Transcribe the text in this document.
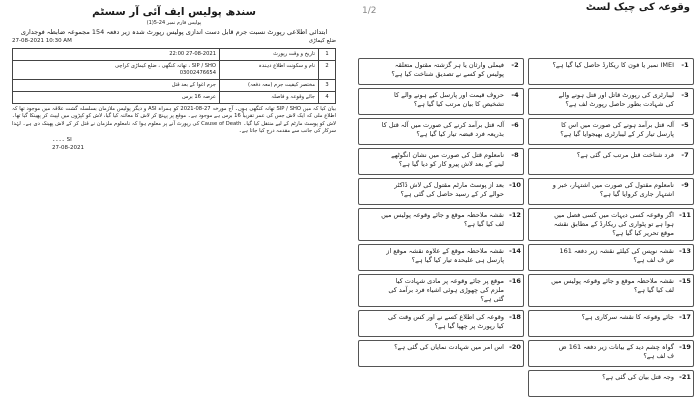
سندھ پولیس ایف آئی آر سسٹم
پولیس فارم نمبر 24-5(1)
ابتدائی اطلاعی رپورٹ نسبت جرم قابل دست اندازی پولیس رپورٹ شدہ زیر دفعہ 154 مجموعہ ضابطہ فوجداری
27-08-2021 10:30 AM	ضلع کیماڑی
1	تاریخ و وقت رپورٹ	27-08-2021 22:00
2	نام و سکونت اطلاع دہندہ	SIP / SHO ، تھانہ کنگھی ، ضلع کیماڑی کراچی
03002476654
3	مختصر کیفیت جرم (معہ دفعہ)	جرم اغوا کے بعد قتل
4	جائے وقوعہ و فاصلہ	عرصہ 16 برس
بیان کیا کہ میں SIP / SHO تھانہ کنگھی ہوں۔ آج مورخہ 27-08-2021 کو ہمراہ ASI و دیگر پولیس ملازمان بسلسلہ گشت علاقہ میں موجود تھا کہ اطلاع ملی کہ ایک لاش جس کی عمر تقریباً 16 برس ہے موجود ہے۔ موقع پر پہنچ کر لاش کا معائنہ کیا گیا، لاش کو کپڑوں میں لپیٹ کر پھینکا گیا تھا۔ لاش کو پوسٹ مارٹم کے لیے منتقل کیا گیا۔ Cause of Death کی رپورٹ آنے پر معلوم ہوا کہ نامعلوم ملزمان نے قتل کر کے لاش پھینک دی ہے۔ لہٰذا سرکار کی جانب سے مقدمہ درج کیا جاتا ہے۔
SI ۔۔۔۔
27-08-2021
وقوعہ کی چیک لسٹ
1/2
1-
IMEI نمبر یا فون کا ریکارڈ حاصل کیا گیا ہے؟
2-
فیملی وارثان یا ہر گزشتہ مقتول متعلقہ پولیس کو کسے نے تصدیق شناخت کیا ہے؟
3-
لیبارٹری کی رپورٹ قاتل اور قتل ہونے والے کی شہادت بطور حاصل رپورٹ لف ہے؟
4-
حروف قیمت اور پارسل کیے ہونے والے کا تشخیص کا بیان مرتب کیا گیا ہے؟
5-
آلہ قتل برآمد ہونے کی صورت میں اس کا پارسل تیار کر کے لیبارٹری بھیجوایا گیا ہے؟
6-
آلہ قتل برآمد کرنے کی صورت میں آلہ قتل کا بذریعہ فرد قبضہ تیار کیا گیا ہے؟
7-
فرد شناخت قتل مرتب کی گئی ہے؟
8-
نامعلوم قتل کی صورت میں نشان انگوٹھے لینے کے بعد لاش پیرو کار کو دیا گیا ہے؟
9-
نامعلوم مقتول کی صورت میں اشتہار، خبر و اشتہار جاری کروایا گیا ہے؟
10-
بعد از پوسٹ مارٹم مقتول کی لاش ڈاکٹر حوالے کر کے رسید حاصل کی گئی ہے؟
11-
اگر وقوعہ کسی دیہات میں کسی فصل میں ہوا ہے تو پٹواری کی ریکارڈ کے مطابق نقشہ موقع تحریر کیا گیا ہے؟
12-
نقشہ ملاحظہ موقع و جائے وقوعہ پولیس میں لف کیا گیا ہے؟
13-
نقشہ نویس کی کیلئے نقشہ زیر دفعہ 161 ض ف لف ہے؟
14-
نقشہ ملاحظہ موقع کے علاوہ نقشہ موقع از پارسل ہی علیحدہ تیار کیا گیا ہے؟
15-
نقشہ ملاحظہ موقع و جائے وقوعہ پولیس میں لف کیا گیا ہے؟
16-
موقع پر جائے وقوعہ پر مادی شہادت کیا ملزم کی چھوڑی ہوئی اشیاء فرد برآمد کی گئی ہے؟
17-
جائے وقوعہ کا نقشہ سرکاری ہے؟
18-
وقوعہ کی اطلاع کسے نے اور کس وقت کی کیا رپورٹ پر چھپا گیا ہے؟
19-
گواہ چشم دید کے بیانات زیر دفعہ 161 ض ف لف ہے؟
20-
اس امر میں شہادت نمایاں کی گئی ہے؟
21-
وجہ قتل بیان کی گئی ہے؟
